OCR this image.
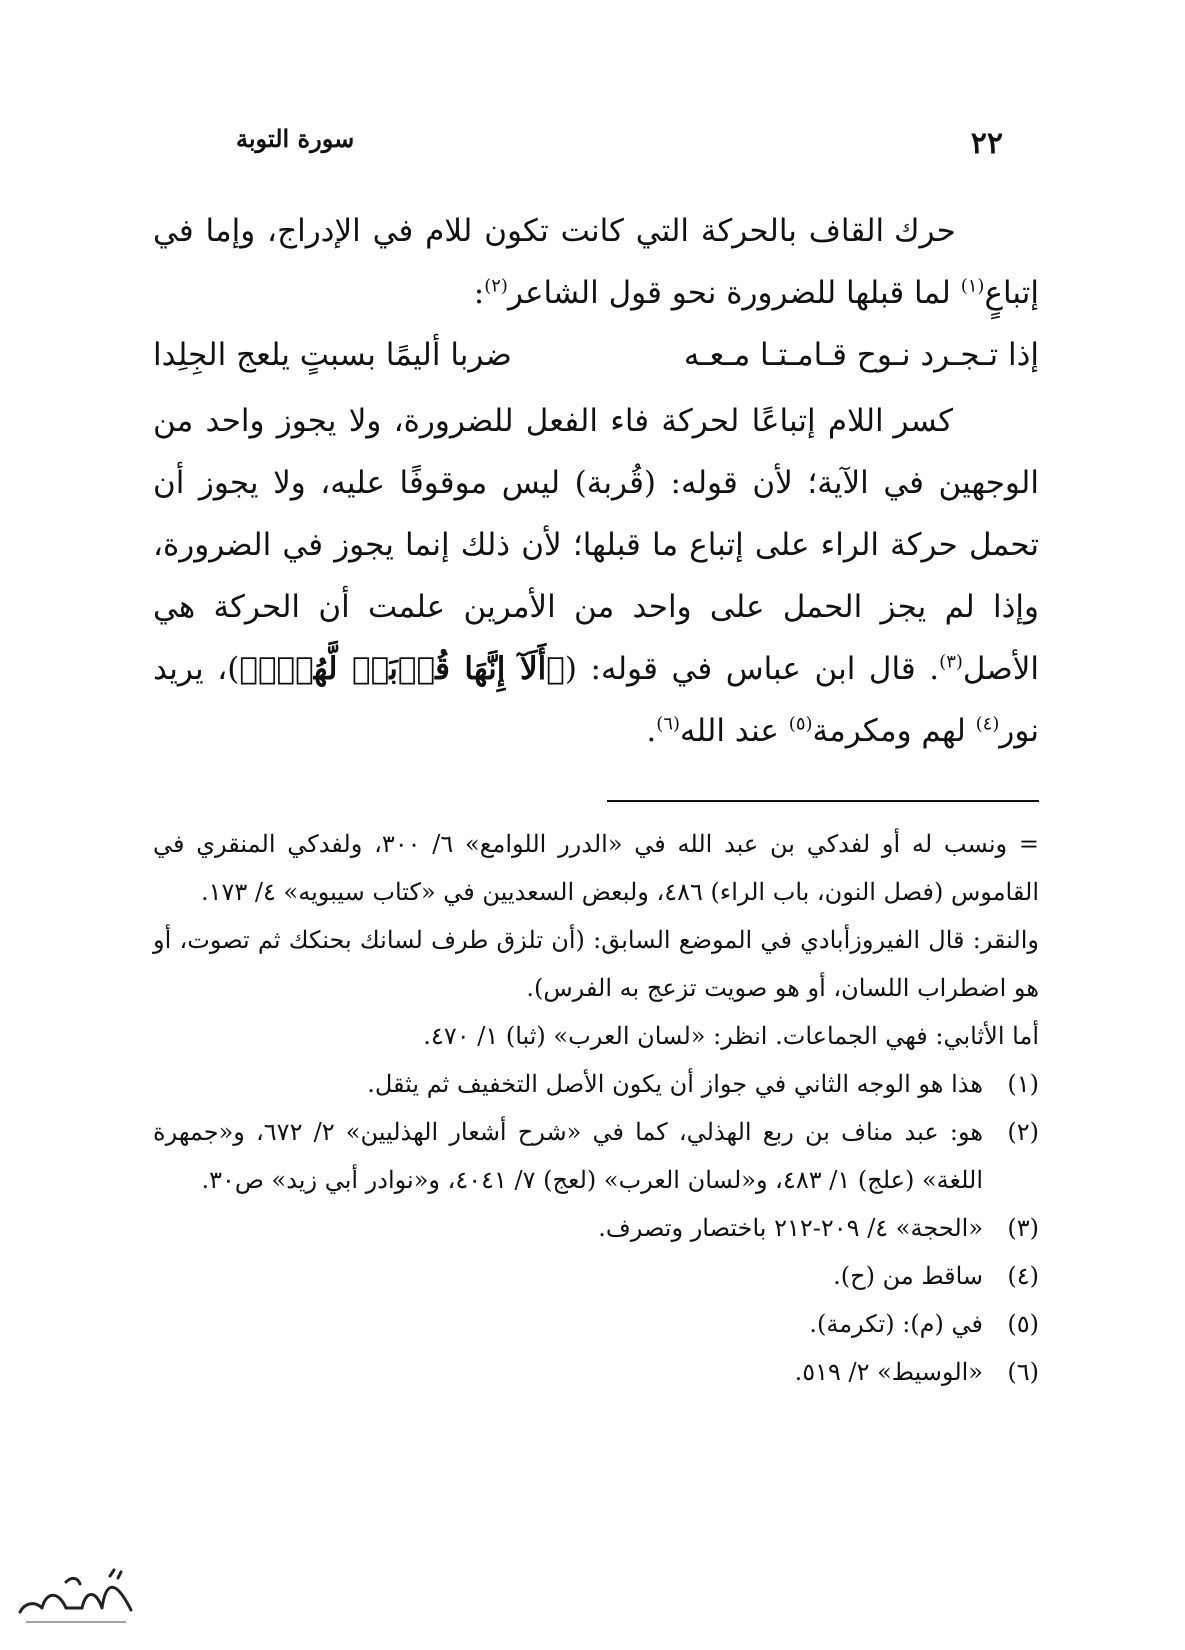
٢٢
سورة التوبة

حرك القاف بالحركة التي كانت تكون للام في الإدراج، وإما في إتباعٍ$^{(١)}$ لما قبلها للضرورة نحو قول الشاعر$^{(٢)}$:

إذا تـجـرد نـوح قـامـتـا مـعـه
ضربا أليمًا بسبتٍ يلعج الجِلِدا

كسر اللام إتباعًا لحركة فاء الفعل للضرورة، ولا يجوز واحد من الوجهين في الآية؛ لأن قوله: (قُربة) ليس موقوفًا عليه، ولا يجوز أن تحمل حركة الراء على إتباع ما قبلها؛ لأن ذلك إنما يجوز في الضرورة، وإذا لم يجز الحمل على واحد من الأمرين علمت أن الحركة هي الأصل$^{(٣)}$. قال ابن عباس في قوله: (﴿أَلَآ إِنَّهَا قُرۡبَةٞ لَّهُمۡۚ﴾)، يريد نور$^{(٤)}$ لهم ومكرمة$^{(٥)}$ عند الله$^{(٦)}$.

= ونسب له أو لفدكي بن عبد الله في «الدرر اللوامع» ٦/ ٣٠٠، ولفدكي المنقري في القاموس (فصل النون، باب الراء) ٤٨٦، ولبعض السعديين في «كتاب سيبويه» ٤/ ١٧٣.

والنقر: قال الفيروزأبادي في الموضع السابق: (أن تلزق طرف لسانك بحنكك ثم تصوت، أو هو اضطراب اللسان، أو هو صويت تزعج به الفرس).

أما الأثابي: فهي الجماعات. انظر: «لسان العرب» (ثبا) ١/ ٤٧٠.

(١)
هذا هو الوجه الثاني في جواز أن يكون الأصل التخفيف ثم يثقل.
(٢)
هو: عبد مناف بن ربع الهذلي، كما في «شرح أشعار الهذليين» ٢/ ٦٧٢، و«جمهرة اللغة» (علج) ١/ ٤٨٣، و«لسان العرب» (لعج) ٧/ ٤٠٤١، و«نوادر أبي زيد» ص٣٠.
(٣)
«الحجة» ٤/ ٢٠٩-٢١٢ باختصار وتصرف.
(٤)
ساقط من (ح).
(٥)
في (م): (تكرمة).
(٦)
«الوسيط» ٢/ ٥١٩.
